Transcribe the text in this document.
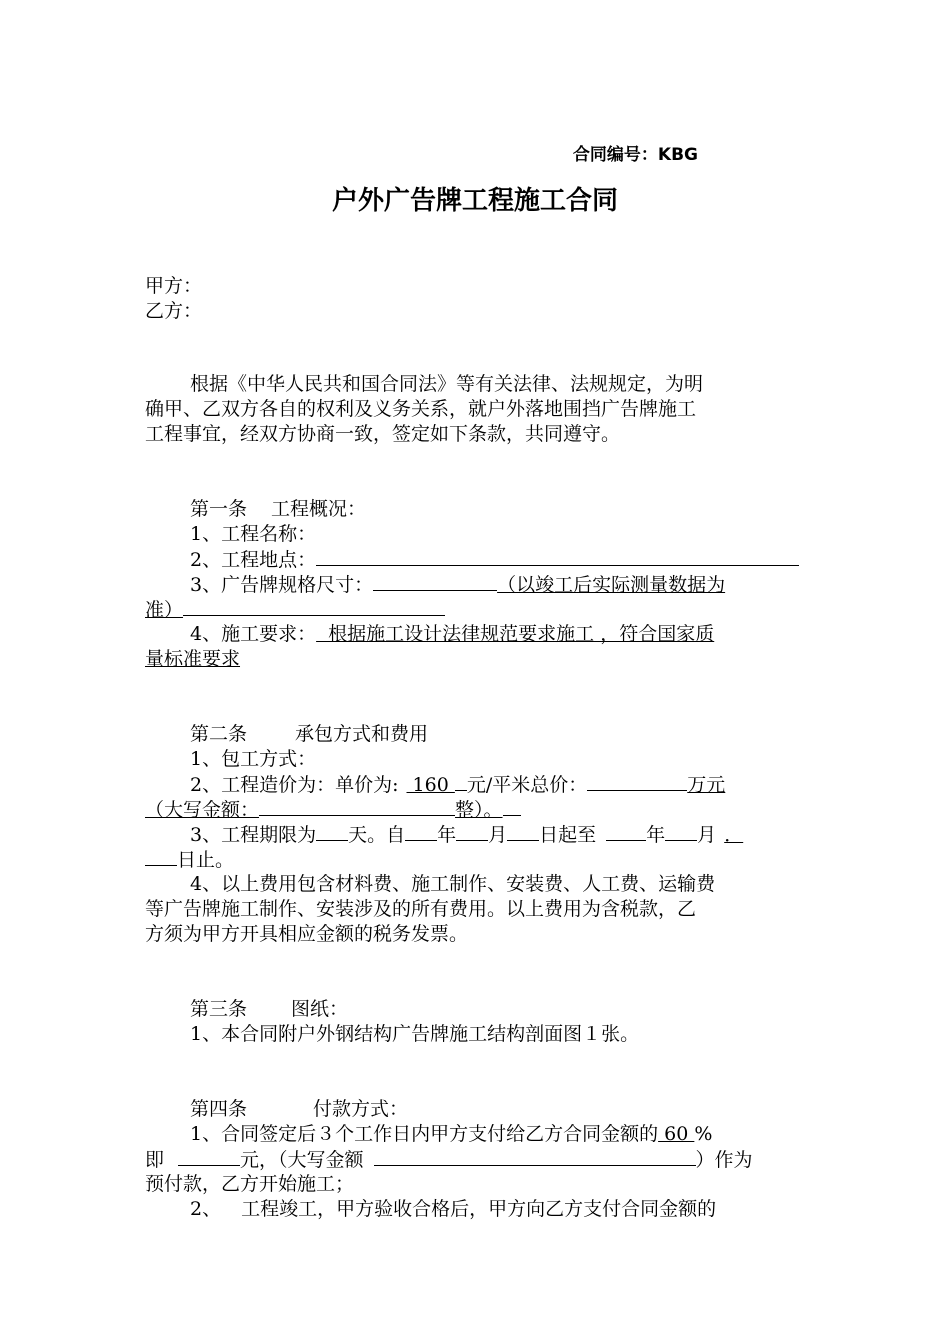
合同编号：KBG
户外广告牌工程施工合同
甲方：
乙方：
根据《中华人民共和国合同法》等有关法律、法规规定，为明
确甲、乙双方各自的权利及义务关系，就户外落地围挡广告牌施工
工程事宜，经双方协商一致，签定如下条款，共同遵守。
第一条 工程概况：
1、工程名称：
2、工程地点：
3、广告牌规格尺寸：	（以竣工后实际测量数据为
准）
4、施工要求：  根据施工设计法律规范要求施工 ，符合国家质
量标准要求
第二条	承包方式和费用
1、包工方式：
2、工程造价为：单价为: 160 元/平米总价：	万元
（大写金额：	整）。
3、工程期限为 天。自 年 月 日起至	年 月 ．
日止。
4、以上费用包含材料费、施工制作、安装费、人工费、运输费
等广告牌施工制作、安装涉及的所有费用。以上费用为含税款，乙
方须为甲方开具相应金额的税务发票。
第三条 图纸：
1、本合同附户外钢结构广告牌施工结构剖面图１张。
第四条	付款方式：
1、合同签定后３个工作日内甲方支付给乙方合同金额的 60 %
即	元，（大写金额	）作为
预付款，乙方开始施工；
2、 工程竣工，甲方验收合格后，甲方向乙方支付合同金额的
